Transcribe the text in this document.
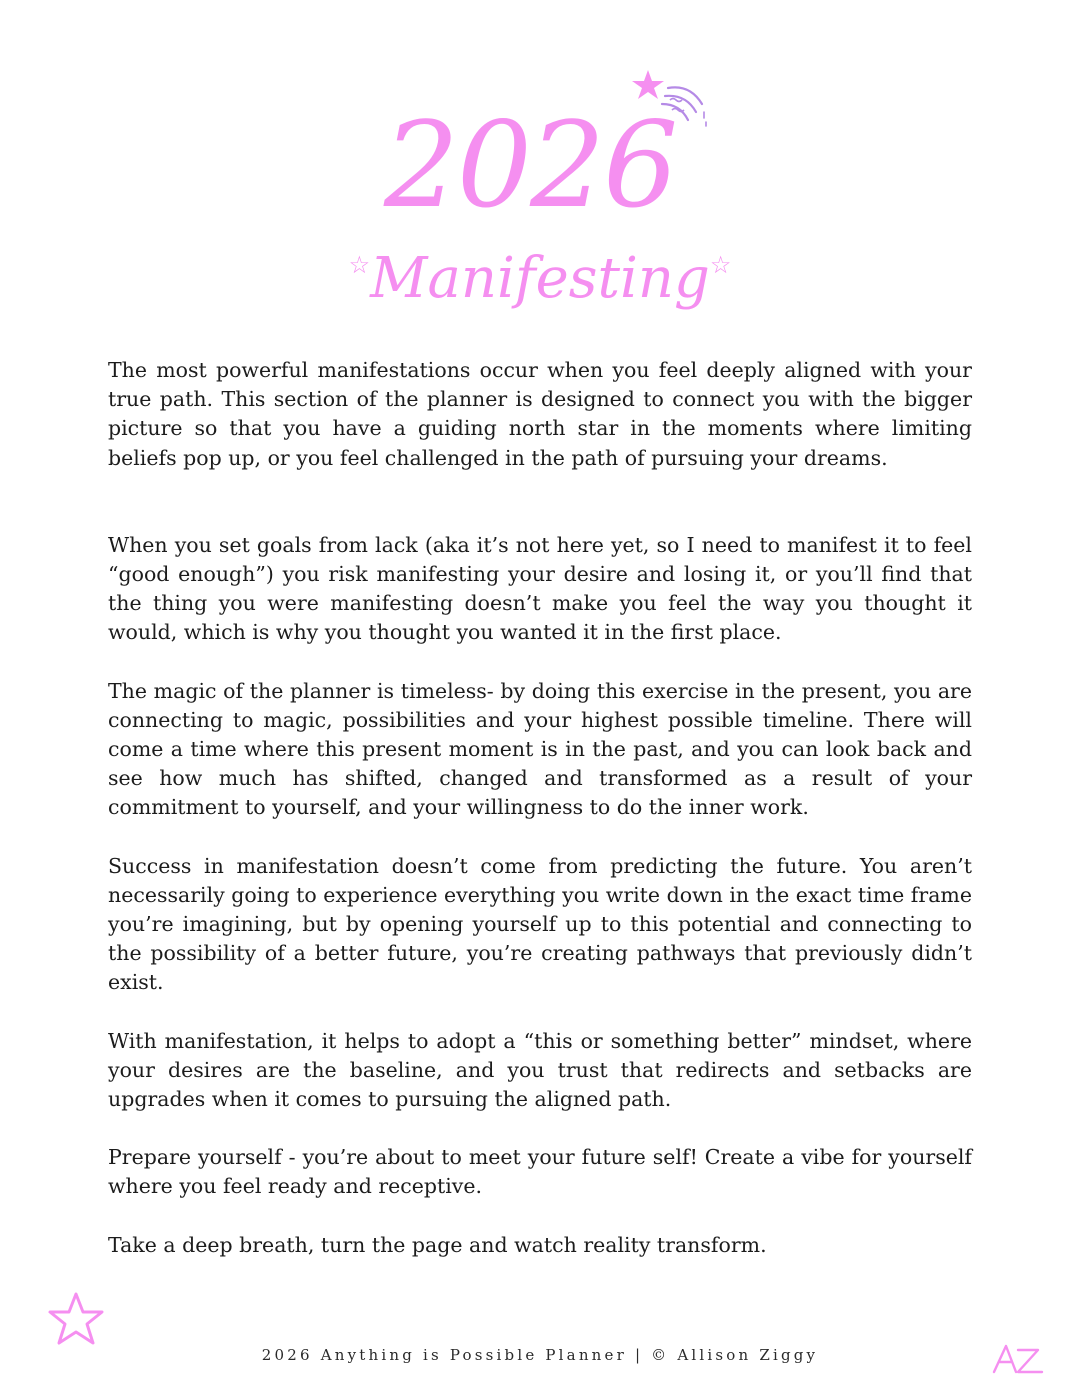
2026
☆Manifesting☆

The most powerful manifestations occur when you feel deeply aligned with your true path. This section of the planner is designed to connect you with the bigger picture so that you have a guiding north star in the moments where limiting beliefs pop up, or you feel challenged in the path of pursuing your dreams.

When you set goals from lack (aka it’s not here yet, so I need to manifest it to feel “good enough”) you risk manifesting your desire and losing it, or you’ll find that the thing you were manifesting doesn’t make you feel the way you thought it would, which is why you thought you wanted it in the first place.

The magic of the planner is timeless- by doing this exercise in the present, you are connecting to magic, possibilities and your highest possible timeline. There will come a time where this present moment is in the past, and you can look back and see how much has shifted, changed and transformed as a result of your commitment to yourself, and your willingness to do the inner work.

Success in manifestation doesn’t come from predicting the future. You aren’t necessarily going to experience everything you write down in the exact time frame you’re imagining, but by opening yourself up to this potential and connecting to the possibility of a better future, you’re creating pathways that previously didn’t exist.

With manifestation, it helps to adopt a “this or something better” mindset, where your desires are the baseline, and you trust that redirects and setbacks are upgrades when it comes to pursuing the aligned path.

Prepare yourself - you’re about to meet your future self! Create a vibe for yourself where you feel ready and receptive.

Take a deep breath, turn the page and watch reality transform.

2026 Anything is Possible Planner | © Allison Ziggy
AZ
